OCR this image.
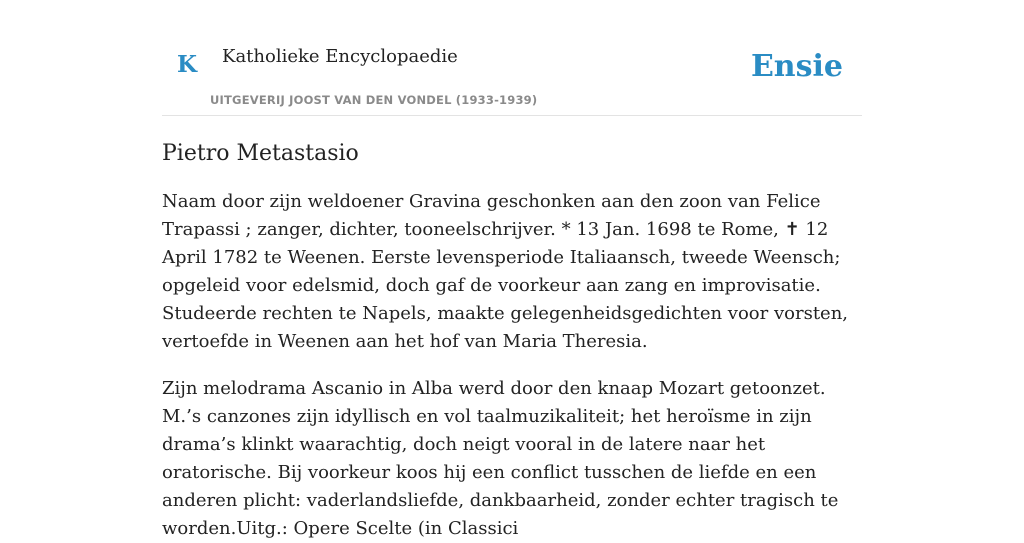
K Katholieke Encyclopaedie
UITGEVERIJ JOOST VAN DEN VONDEL (1933-1939)
Ensie
Pietro Metastasio

Naam door zijn weldoener Gravina geschonken aan den zoon van Felice Trapassi ; zanger, dichter, tooneelschrijver. * 13 Jan. 1698 te Rome, ✝ 12 April 1782 te Weenen. Eerste levensperiode Italiaansch, tweede Weensch; opgeleid voor edelsmid, doch gaf de voorkeur aan zang en improvisatie. Studeerde rechten te Napels, maakte gelegenheidsgedichten voor vorsten, vertoefde in Weenen aan het hof van Maria Theresia.

Zijn melodrama Ascanio in Alba werd door den knaap Mozart getoonzet. M.’s canzones zijn idyllisch en vol taalmuzikaliteit; het heroïsme in zijn drama’s klinkt waarachtig, doch neigt vooral in de latere naar het oratorische. Bij voorkeur koos hij een conflict tusschen de liefde en een anderen plicht: vaderlandsliefde, dankbaarheid, zonder echter tragisch te worden.Uitg.: Opere Scelte (in Classici
